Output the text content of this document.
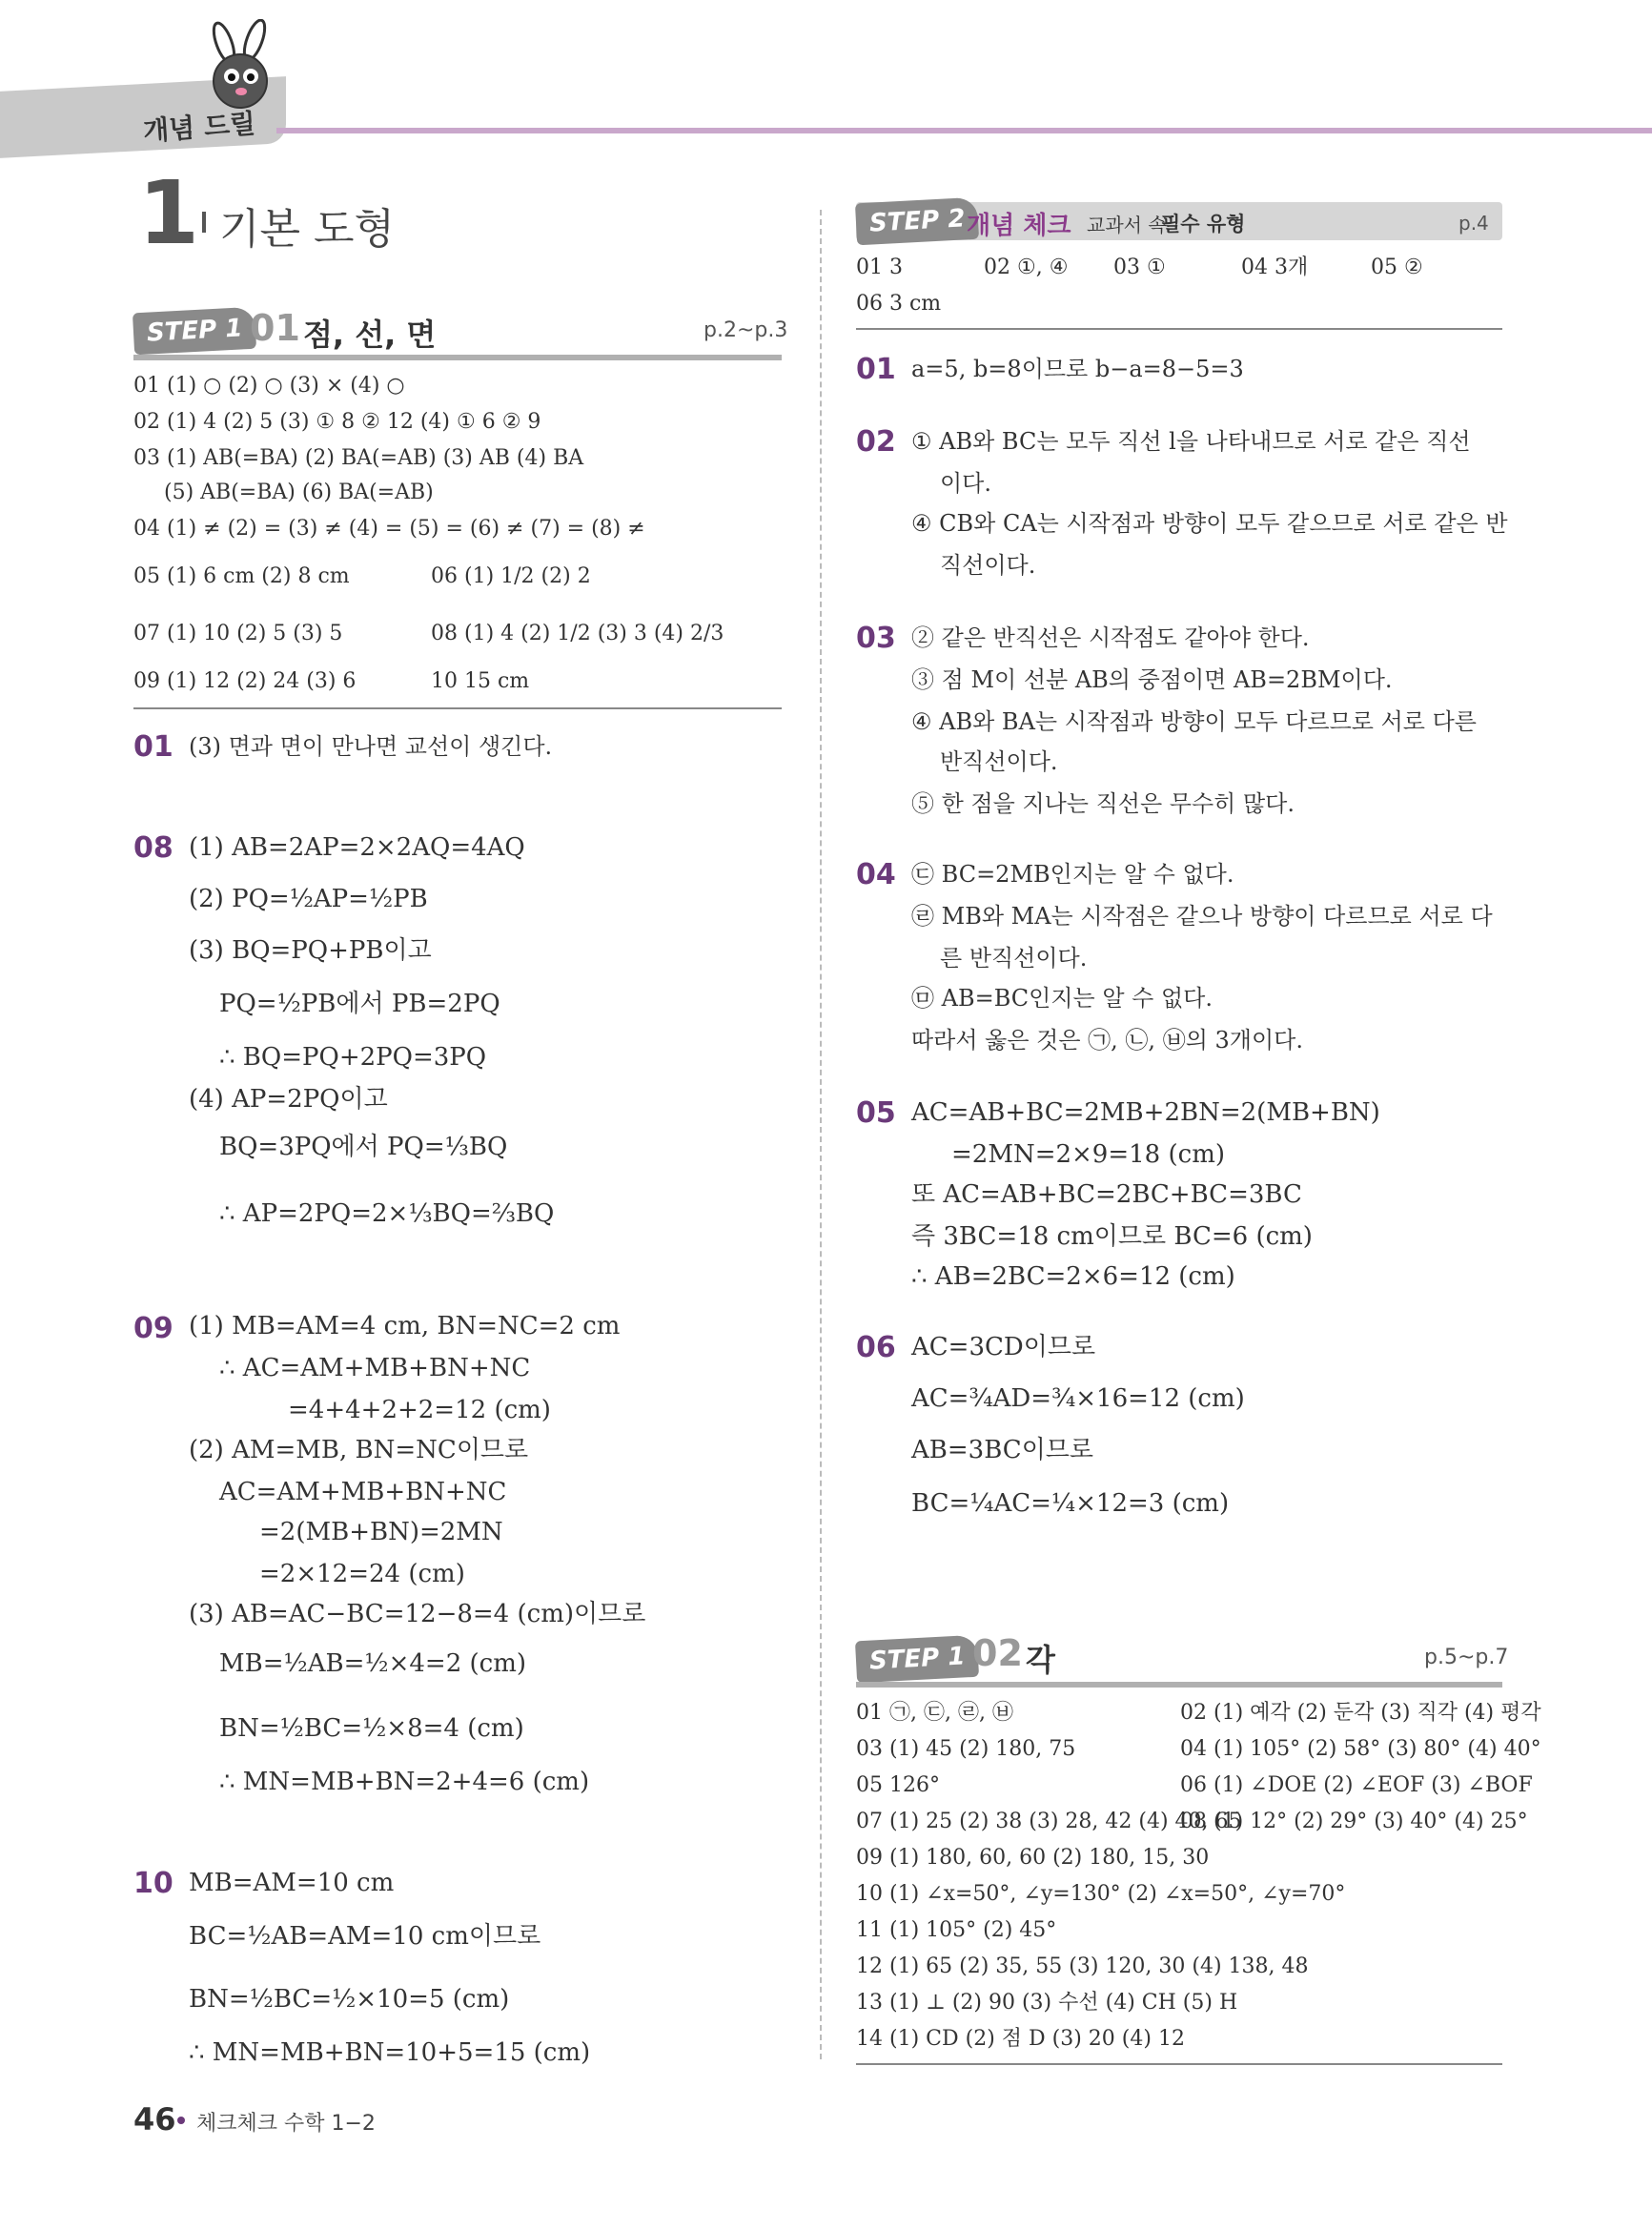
개념 드릴
1 기본 도형
STEP 1 01 점, 선, 면	p.2~p.3
01 (1) ○ (2) ○ (3) × (4) ○
02 (1) 4 (2) 5 (3) ① 8 ② 12 (4) ① 6 ② 9
03 (1) AB(=BA) (2) BA(=AB) (3) AB (4) BA
(5) AB(=BA) (6) BA(=AB)
04 (1) ≠ (2) = (3) ≠ (4) = (5) = (6) ≠ (7) = (8) ≠
05 (1) 6 cm (2) 8 cm	06 (1) 1/2 (2) 2
07 (1) 10 (2) 5 (3) 5	08 (1) 4 (2) 1/2 (3) 3 (4) 2/3
09 (1) 12 (2) 24 (3) 6	10 15 cm
01 (3) 면과 면이 만나면 교선이 생긴다.
08 (1) AB=2AP=2×2AQ=4AQ
(2) PQ=½AP=½PB
(3) BQ=PQ+PB이고
PQ=½PB에서 PB=2PQ
∴ BQ=PQ+2PQ=3PQ
(4) AP=2PQ이고
BQ=3PQ에서 PQ=⅓BQ
∴ AP=2PQ=2×⅓BQ=⅔BQ
09 (1) MB=AM=4 cm, BN=NC=2 cm
∴ AC=AM+MB+BN+NC
=4+4+2+2=12 (cm)
(2) AM=MB, BN=NC이므로
AC=AM+MB+BN+NC
=2(MB+BN)=2MN
=2×12=24 (cm)
(3) AB=AC−BC=12−8=4 (cm)이므로
MB=½AB=½×4=2 (cm)
BN=½BC=½×8=4 (cm)
∴ MN=MB+BN=2+4=6 (cm)
10 MB=AM=10 cm
BC=½AB=AM=10 cm이므로
BN=½BC=½×10=5 (cm)
∴ MN=MB+BN=10+5=15 (cm)
STEP 2 개념 체크 교과서 속
필수 유형	p.4
01 3	02 ①, ④ 03 ①	04 3개	05 ②
06 3 cm
01 a=5, b=8이므로 b−a=8−5=3
02 ① AB와 BC는 모두 직선 l을 나타내므로 서로 같은 직선
이다.
④ CB와 CA는 시작점과 방향이 모두 같으므로 서로 같은 반
직선이다.
03 ② 같은 반직선은 시작점도 같아야 한다.
③ 점 M이 선분 AB의 중점이면 AB=2BM이다.
④ AB와 BA는 시작점과 방향이 모두 다르므로 서로 다른
반직선이다.
⑤ 한 점을 지나는 직선은 무수히 많다.
04 ㉢ BC=2MB인지는 알 수 없다.
㉣ MB와 MA는 시작점은 같으나 방향이 다르므로 서로 다
른 반직선이다.
㉤ AB=BC인지는 알 수 없다.
따라서 옳은 것은 ㉠, ㉡, ㉥의 3개이다.
05 AC=AB+BC=2MB+2BN=2(MB+BN)
=2MN=2×9=18 (cm)
또 AC=AB+BC=2BC+BC=3BC
즉 3BC=18 cm이므로 BC=6 (cm)
∴ AB=2BC=2×6=12 (cm)
06 AC=3CD이므로
AC=¾AD=¾×16=12 (cm)
AB=3BC이므로
BC=¼AC=¼×12=3 (cm)
STEP 1 02 각	p.5~p.7
01 ㉠, ㉢, ㉣, ㉥	02 (1) 예각 (2) 둔각 (3) 직각 (4) 평각
03 (1) 45 (2) 180, 75	04 (1) 105° (2) 58° (3) 80° (4) 40°
05 126°	06 (1) ∠DOE (2) ∠EOF (3) ∠BOF
07 (1) 25 (2) 38 (3) 28, 42 (4) 40, 65
08 (1) 12° (2) 29° (3) 40° (4) 25°
09 (1) 180, 60, 60 (2) 180, 15, 30
10 (1) ∠x=50°, ∠y=130° (2) ∠x=50°, ∠y=70°
11 (1) 105° (2) 45°
12 (1) 65 (2) 35, 55 (3) 120, 30 (4) 138, 48
13 (1) ⊥ (2) 90 (3) 수선 (4) CH (5) H
14 (1) CD (2) 점 D (3) 20 (4) 12
46 체크체크 수학 1−2
